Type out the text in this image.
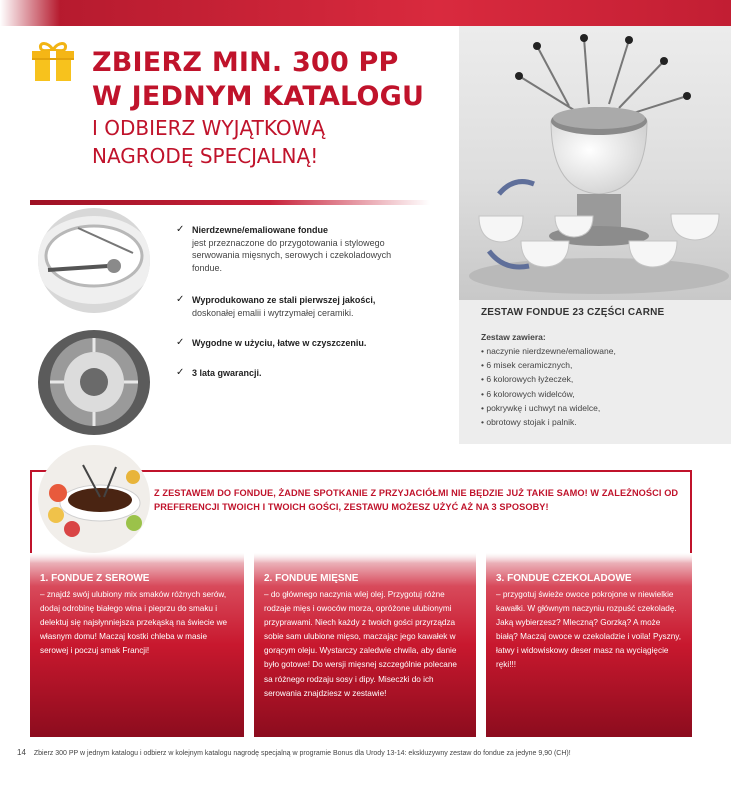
ZBIERZ MIN. 300 PP
W JEDNYM KATALOGU
I ODBIERZ WYJĄTKOWĄ
NAGRODĘ SPECJALNĄ!
ZESTAW FONDUE 23 CZĘŚCI CARNE
Zestaw zawiera:
• naczynie nierdzewne/emaliowane,
• 6 misek ceramicznych,
• 6 kolorowych łyżeczek,
• 6 kolorowych widelców,
• pokrywkę i uchwyt na widelce,
• obrotowy stojak i palnik.
✓ Nierdzewne/emaliowane fondue
jest przeznaczone do przygotowania i stylowego serwowania mięsnych, serowych i czekoladowych fondue.
✓ Wyprodukowano ze stali pierwszej jakości, doskonałej emalii i wytrzymałej ceramiki.
✓ Wygodne w użyciu, łatwe w czyszczeniu.
✓ 3 lata gwarancji.
Z ZESTAWEM DO FONDUE, ŻADNE SPOTKANIE Z PRZYJACIÓŁMI NIE BĘDZIE JUŻ TAKIE SAMO! W ZALEŻNOŚCI OD PREFERENCJI TWOICH I TWOICH GOŚCI, ZESTAWU MOŻESZ UŻYĆ AŻ NA 3 SPOSOBY!
1. FONDUE Z SEROWE
– znajdź swój ulubiony mix smaków różnych serów, dodaj odrobinę białego wina i pieprzu do smaku i delektuj się najsłynniejsza przekąską na świecie we własnym domu! Maczaj kostki chleba w masie serowej i poczuj smak Francji!
2. FONDUE MIĘSNE
– do głównego naczynia wlej olej. Przygotuj różne rodzaje mięs i owoców morza, opróżone ulubionymi przyprawami. Niech każdy z twoich gości przyrządza sobie sam ulubione mięso, maczając jego kawałek w gorącym oleju. Wystarczy zaledwie chwila, aby danie było gotowe! Do wersji mięsnej szczególnie polecane sa różnego rodzaju sosy i dipy. Miseczki do ich serowania znajdziesz w zestawie!
3. FONDUE CZEKOLADOWE
– przygotuj świeże owoce pokrojone w niewielkie kawałki. W głównym naczyniu rozpuść czekoladę. Jaką wybierzesz? Mleczną? Gorzką? A może białą? Maczaj owoce w czekoladzie i voila! Pyszny, łatwy i widowiskowy deser masz na wyciągięcie ręki!!!
14 Zbierz 300 PP w jednym katalogu i odbierz w kolejnym katalogu nagrodę specjalną w programie Bonus dla Urody 13-14: ekskluzywny zestaw do fondue za jedyne 9,90 (CH)!
